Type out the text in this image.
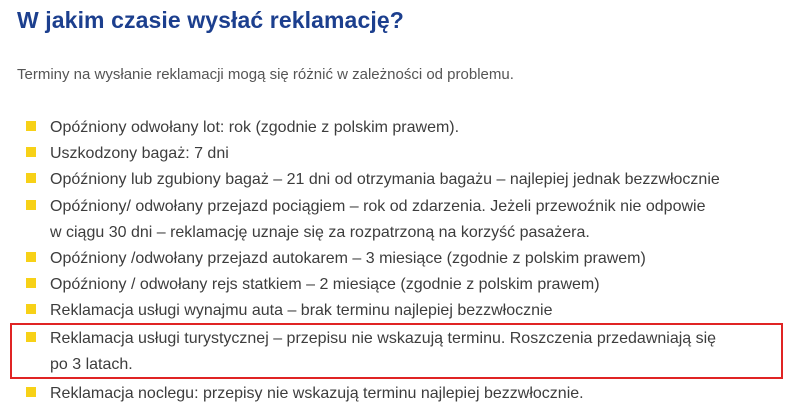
W jakim czasie wysłać reklamację?

Terminy na wysłanie reklamacji mogą się różnić w zależności od problemu.

Opóźniony odwołany lot: rok (zgodnie z polskim prawem).
Uszkodzony bagaż: 7 dni
Opóźniony lub zgubiony bagaż – 21 dni od otrzymania bagażu – najlepiej jednak bezzwłocznie
Opóźniony/ odwołany przejazd pociągiem – rok od zdarzenia. Jeżeli przewoźnik nie odpowie
w ciągu 30 dni – reklamację uznaje się za rozpatrzoną na korzyść pasażera.
Opóźniony /odwołany przejazd autokarem – 3 miesiące (zgodnie z polskim prawem)
Opóźniony / odwołany rejs statkiem – 2 miesiące (zgodnie z polskim prawem)
Reklamacja usługi wynajmu auta – brak terminu najlepiej bezzwłocznie
Reklamacja usługi turystycznej – przepisu nie wskazują terminu. Roszczenia przedawniają się
po 3 latach.
Reklamacja noclegu: przepisy nie wskazują terminu najlepiej bezzwłocznie.
